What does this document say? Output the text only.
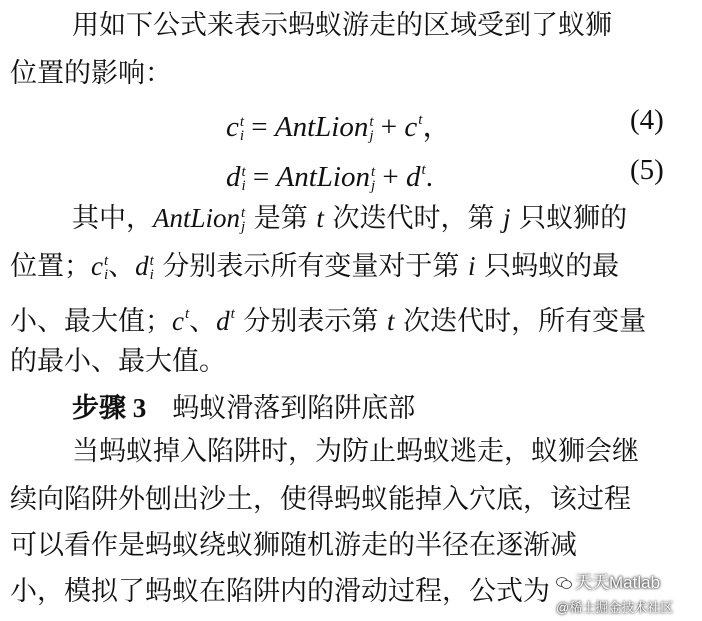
用如下公式来表示蚂蚁游走的区域受到了蚁狮
位置的影响：
c t
i = AntLion t
$j + c^t$，	(4)
d t
i = AntLion t
$j + d^t$.	(5)
其中，AntLion t
j 是第 t 次迭代时，第 j 只蚁狮的
位置；c t
i 、d t
i 分别表示所有变量对于第 i 只蚂蚁的最
小、最大值；$c^t$、$d^t$ 分别表示第 t 次迭代时，所有变量
的最小、最大值。
步骤 3 蚂蚁滑落到陷阱底部
当蚂蚁掉入陷阱时，为防止蚂蚁逃走，蚁狮会继
续向陷阱外刨出沙土，使得蚂蚁能掉入穴底，该过程
可以看作是蚂蚁绕蚁狮随机游走的半径在逐渐减
小，模拟了蚂蚁在陷阱内的滑动过程，公式为	天天Matlab
@稀土掘金技术社区
